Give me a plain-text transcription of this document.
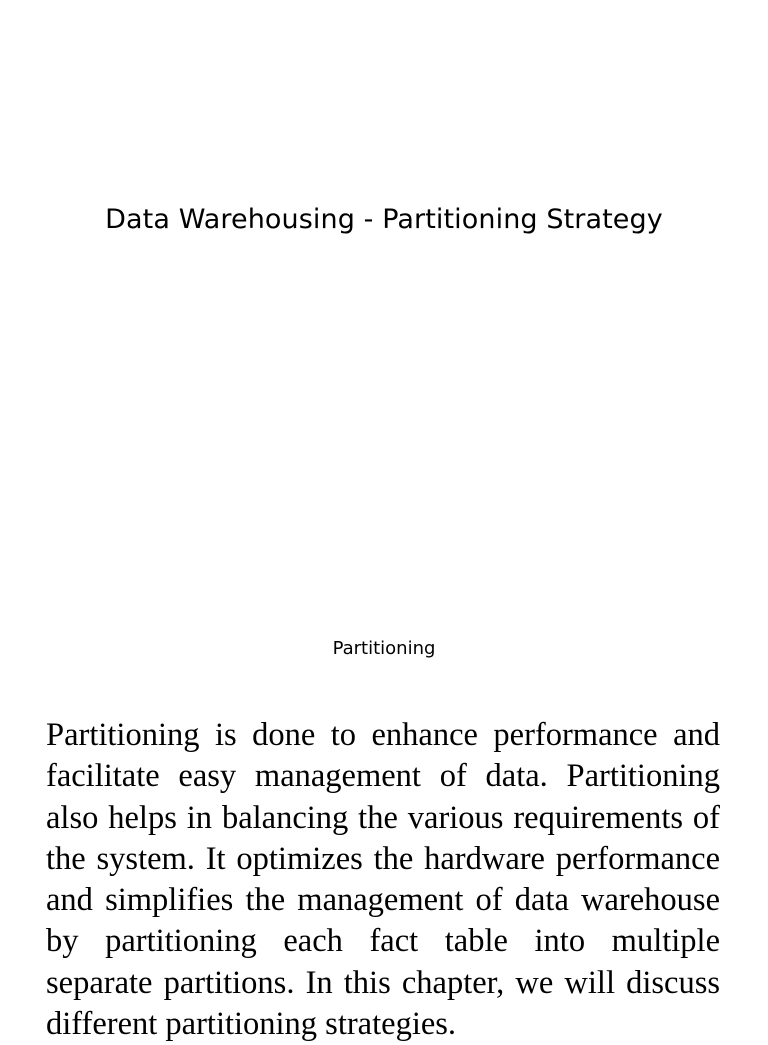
Data Warehousing - Partitioning Strategy
Partitioning

Partitioning is done to enhance performance and facilitate easy management of data. Partitioning also helps in balancing the various requirements of the system. It optimizes the hardware performance and simplifies the management of data warehouse by partitioning each fact table into multiple separate partitions. In this chapter, we will discuss different partitioning strategies.
